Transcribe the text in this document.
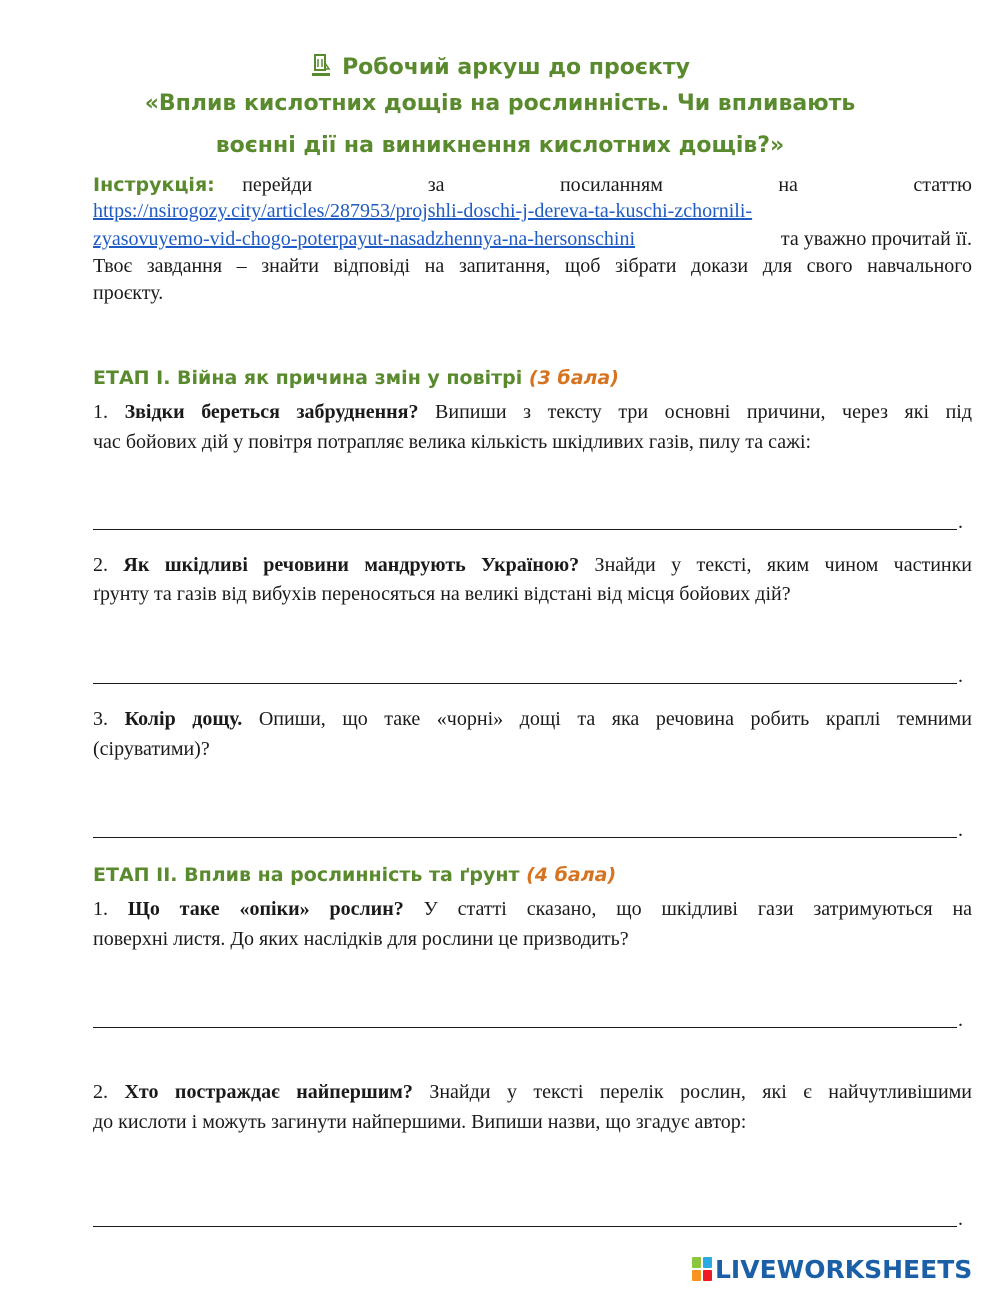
Робочий аркуш до проєкту
«Вплив кислотних дощів на рослинність. Чи впливають
воєнні дії на виникнення кислотних дощів?»
Інструкція: перейди за посиланням на статтю
https://nsirogozy.city/articles/287953/projshli-doschi-j-dereva-ta-kuschi-zchornili-
zyasovuyemo-vid-chogo-poterpayut-nasadzhennya-na-hersonschini	та уважно прочитай її.
Твоє завдання – знайти відповіді на запитання, щоб зібрати докази для свого навчального
проєкту.
ЕТАП І. Війна як причина змін у повітрі (3 бала)
1. Звідки береться забруднення? Випиши з тексту три основні причини, через які під
час бойових дій у повітря потрапляє велика кількість шкідливих газів, пилу та сажі:
.
2. Як шкідливі речовини мандрують Україною? Знайди у тексті, яким чином частинки
ґрунту та газів від вибухів переносяться на великі відстані від місця бойових дій?
.
3. Колір дощу. Опиши, що таке «чорні» дощі та яка речовина робить краплі темними
(сіруватими)?
.
ЕТАП ІІ. Вплив на рослинність та ґрунт (4 бала)
1. Що таке «опіки» рослин? У статті сказано, що шкідливі гази затримуються на
поверхні листя. До яких наслідків для рослини це призводить?
.
2. Хто постраждає найпершим? Знайди у тексті перелік рослин, які є найчутливішими
до кислоти і можуть загинути найпершими. Випиши назви, що згадує автор:
.
LIVEWORKSHEETS
